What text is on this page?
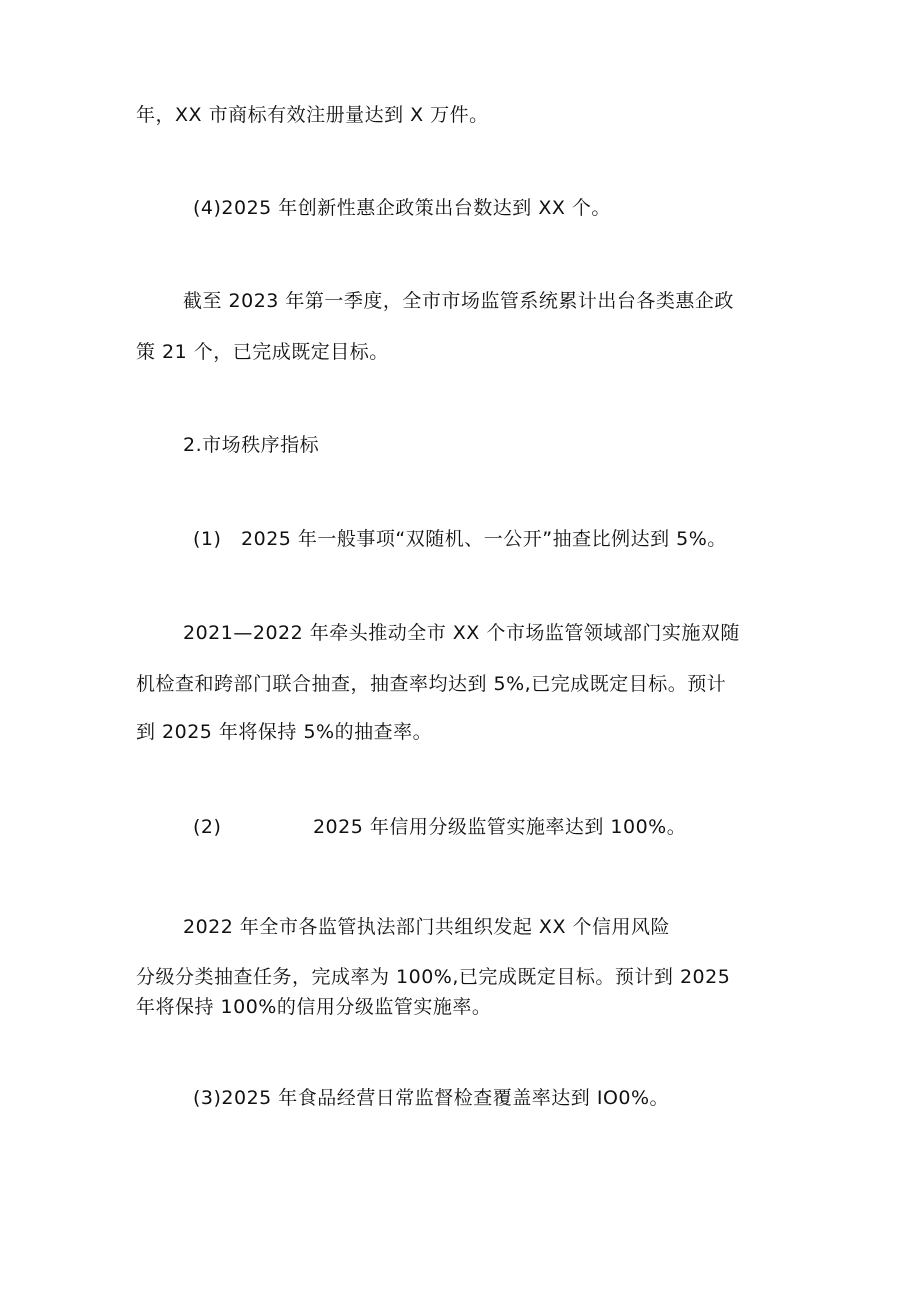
年，XX 市商标有效注册量达到 X 万件。
(4)2025 年创新性惠企政策出台数达到 XX 个。
截至 2023 年第一季度，全市市场监管系统累计出台各类惠企政
策 21 个，已完成既定目标。
2.市场秩序指标
(1)   2025 年一般事项“双随机、一公开”抽查比例达到 5%。
2021—2022 年牵头推动全市 XX 个市场监管领域部门实施双随
机检查和跨部门联合抽查，抽查率均达到 5%,已完成既定目标。预计
到 2025 年将保持 5%的抽查率。
(2)              2025 年信用分级监管实施率达到 100%。
2022 年全市各监管执法部门共组织发起 XX 个信用风险
分级分类抽查任务，完成率为 100%,已完成既定目标。预计到 2025
年将保持 100%的信用分级监管实施率。
(3)2025 年食品经营日常监督检查覆盖率达到 IO0%。
